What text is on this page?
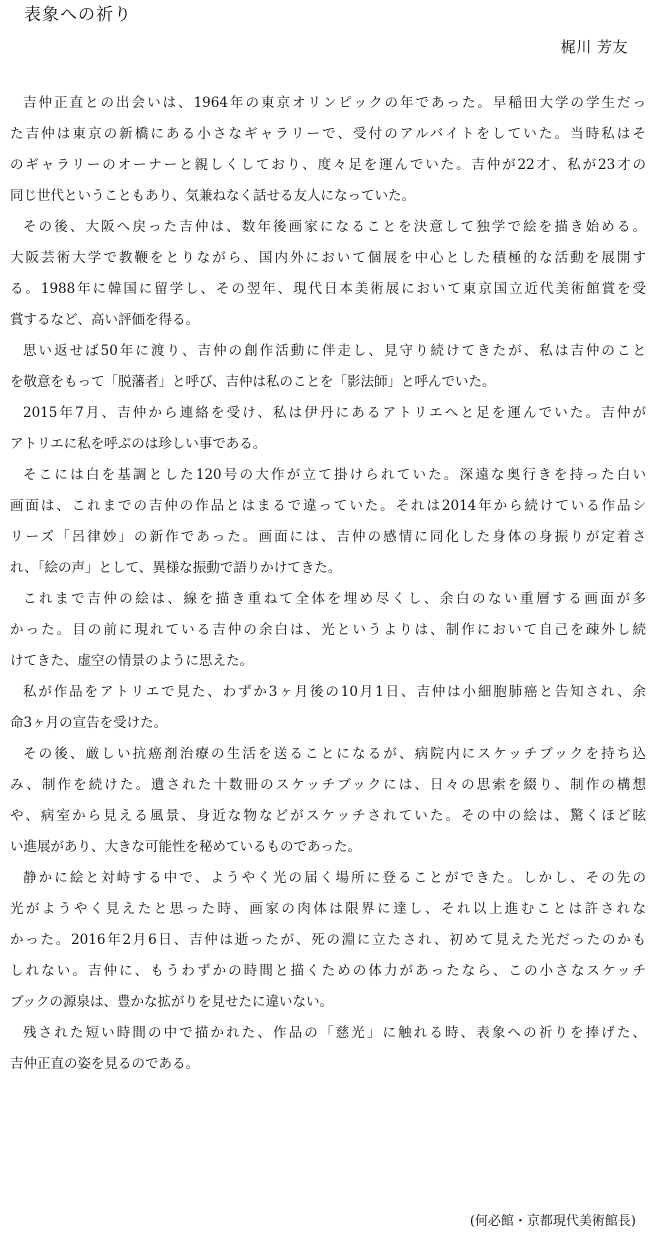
表象への祈り
梶川 芳友
吉仲正直との出会いは、1964年の東京オリンピックの年であった。早稲田大学の学生だっ
た吉仲は東京の新橋にある小さなギャラリーで、受付のアルバイトをしていた。当時私はそ
のギャラリーのオーナーと親しくしており、度々足を運んでいた。吉仲が22才、私が23才の
同じ世代ということもあり、気兼ねなく話せる友人になっていた。
その後、大阪へ戻った吉仲は、数年後画家になることを決意して独学で絵を描き始める。
大阪芸術大学で教鞭をとりながら、国内外において個展を中心とした積極的な活動を展開す
る。1988年に韓国に留学し、その翌年、現代日本美術展において東京国立近代美術館賞を受
賞するなど、高い評価を得る。
思い返せば50年に渡り、吉仲の創作活動に伴走し、見守り続けてきたが、私は吉仲のこと
を敬意をもって「脱藩者」と呼び、吉仲は私のことを「影法師」と呼んでいた。
2015年7月、吉仲から連絡を受け、私は伊丹にあるアトリエへと足を運んでいた。吉仲が
アトリエに私を呼ぶのは珍しい事である。
そこには白を基調とした120号の大作が立て掛けられていた。深遠な奥行きを持った白い
画面は、これまでの吉仲の作品とはまるで違っていた。それは2014年から続けている作品シ
リーズ「呂律妙」の新作であった。画面には、吉仲の感情に同化した身体の身振りが定着さ
れ、「絵の声」として、異様な振動で語りかけてきた。
これまで吉仲の絵は、線を描き重ねて全体を埋め尽くし、余白のない重層する画面が多
かった。目の前に現れている吉仲の余白は、光というよりは、制作において自己を疎外し続
けてきた、虚空の情景のように思えた。
私が作品をアトリエで見た、わずか3ヶ月後の10月1日、吉仲は小細胞肺癌と告知され、余
命3ヶ月の宣告を受けた。
その後、厳しい抗癌剤治療の生活を送ることになるが、病院内にスケッチブックを持ち込
み、制作を続けた。遺された十数冊のスケッチブックには、日々の思索を綴り、制作の構想
や、病室から見える風景、身近な物などがスケッチされていた。その中の絵は、驚くほど眩
い進展があり、大きな可能性を秘めているものであった。
静かに絵と対峙する中で、ようやく光の届く場所に登ることができた。しかし、その先の
光がようやく見えたと思った時、画家の肉体は限界に達し、それ以上進むことは許されな
かった。2016年2月6日、吉仲は逝ったが、死の淵に立たされ、初めて見えた光だったのかも
しれない。吉仲に、もうわずかの時間と描くための体力があったなら、この小さなスケッチ
ブックの源泉は、豊かな拡がりを見せたに違いない。
残された短い時間の中で描かれた、作品の「慈光」に触れる時、表象への祈りを捧げた、
吉仲正直の姿を見るのである。
(何必館・京都現代美術館長)
